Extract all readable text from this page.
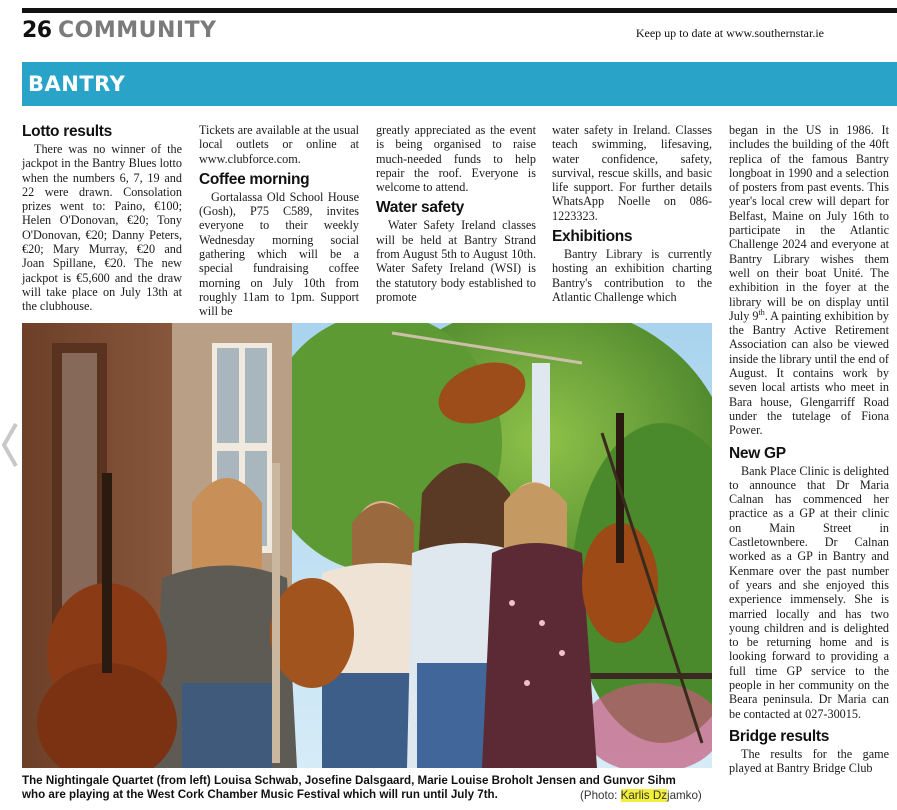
26 COMMUNITY	Keep up to date at www.southernstar.ie
BANTRY
Lotto results

There was no winner of the jackpot in the Bantry Blues lotto when the numbers 6, 7, 19 and 22 were drawn. Consolation prizes went to: Paino, €100; Helen O'Donovan, €20; Tony O'Donovan, €20; Danny Peters, €20; Mary Murray, €20 and Joan Spillane, €20. The new jackpot is €5,600 and the draw will take place on July 13th at the clubhouse.

Tickets are available at the usual local outlets or online at www.clubforce.com.

Coffee morning

Gortalassa Old School House (Gosh), P75 C589, invites everyone to their weekly Wednesday morning social gathering which will be a special fundraising coffee morning on July 10th from roughly 11am to 1pm. Support will be

greatly appreciated as the event is being organised to raise much-needed funds to help repair the roof. Everyone is welcome to attend.

Water safety

Water Safety Ireland classes will be held at Bantry Strand from August 5th to August 10th. Water Safety Ireland (WSI) is the statutory body established to promote

water safety in Ireland. Classes teach swimming, lifesaving, water confidence, safety, survival, rescue skills, and basic life support. For further details WhatsApp Noelle on 086-1223323.

Exhibitions

Bantry Library is currently hosting an exhibition charting Bantry's contribution to the Atlantic Challenge which

began in the US in 1986. It includes the building of the 40ft replica of the famous Bantry longboat in 1990 and a selection of posters from past events. This year's local crew will depart for Belfast, Maine on July 16th to participate in the Atlantic Challenge 2024 and everyone at Bantry Library wishes them well on their boat Unité. The exhibition in the foyer at the library will be on display until July 9th. A painting exhibition by the Bantry Active Retirement Association can also be viewed inside the library until the end of August. It contains work by seven local artists who meet in Bara house, Glengarriff Road under the tutelage of Fiona Power.

New GP

Bank Place Clinic is delighted to announce that Dr Maria Calnan has commenced her practice as a GP at their clinic on Main Street in Castletownbere. Dr Calnan worked as a GP in Bantry and Kenmare over the past number of years and she enjoyed this experience immensely. She is married locally and has two young children and is delighted to be returning home and is looking forward to providing a full time GP service to the people in her community on the Beara peninsula. Dr Maria can be contacted at 027-30015.

Bridge results

The results for the game played at Bantry Bridge Club

The Nightingale Quartet (from left) Louisa Schwab, Josefine Dalsgaard, Marie Louise Broholt Jensen and Gunvor Sihm
who are playing at the West Cork Chamber Music Festival which will run until July 7th.	(Photo: Karlis Dzjamko)
